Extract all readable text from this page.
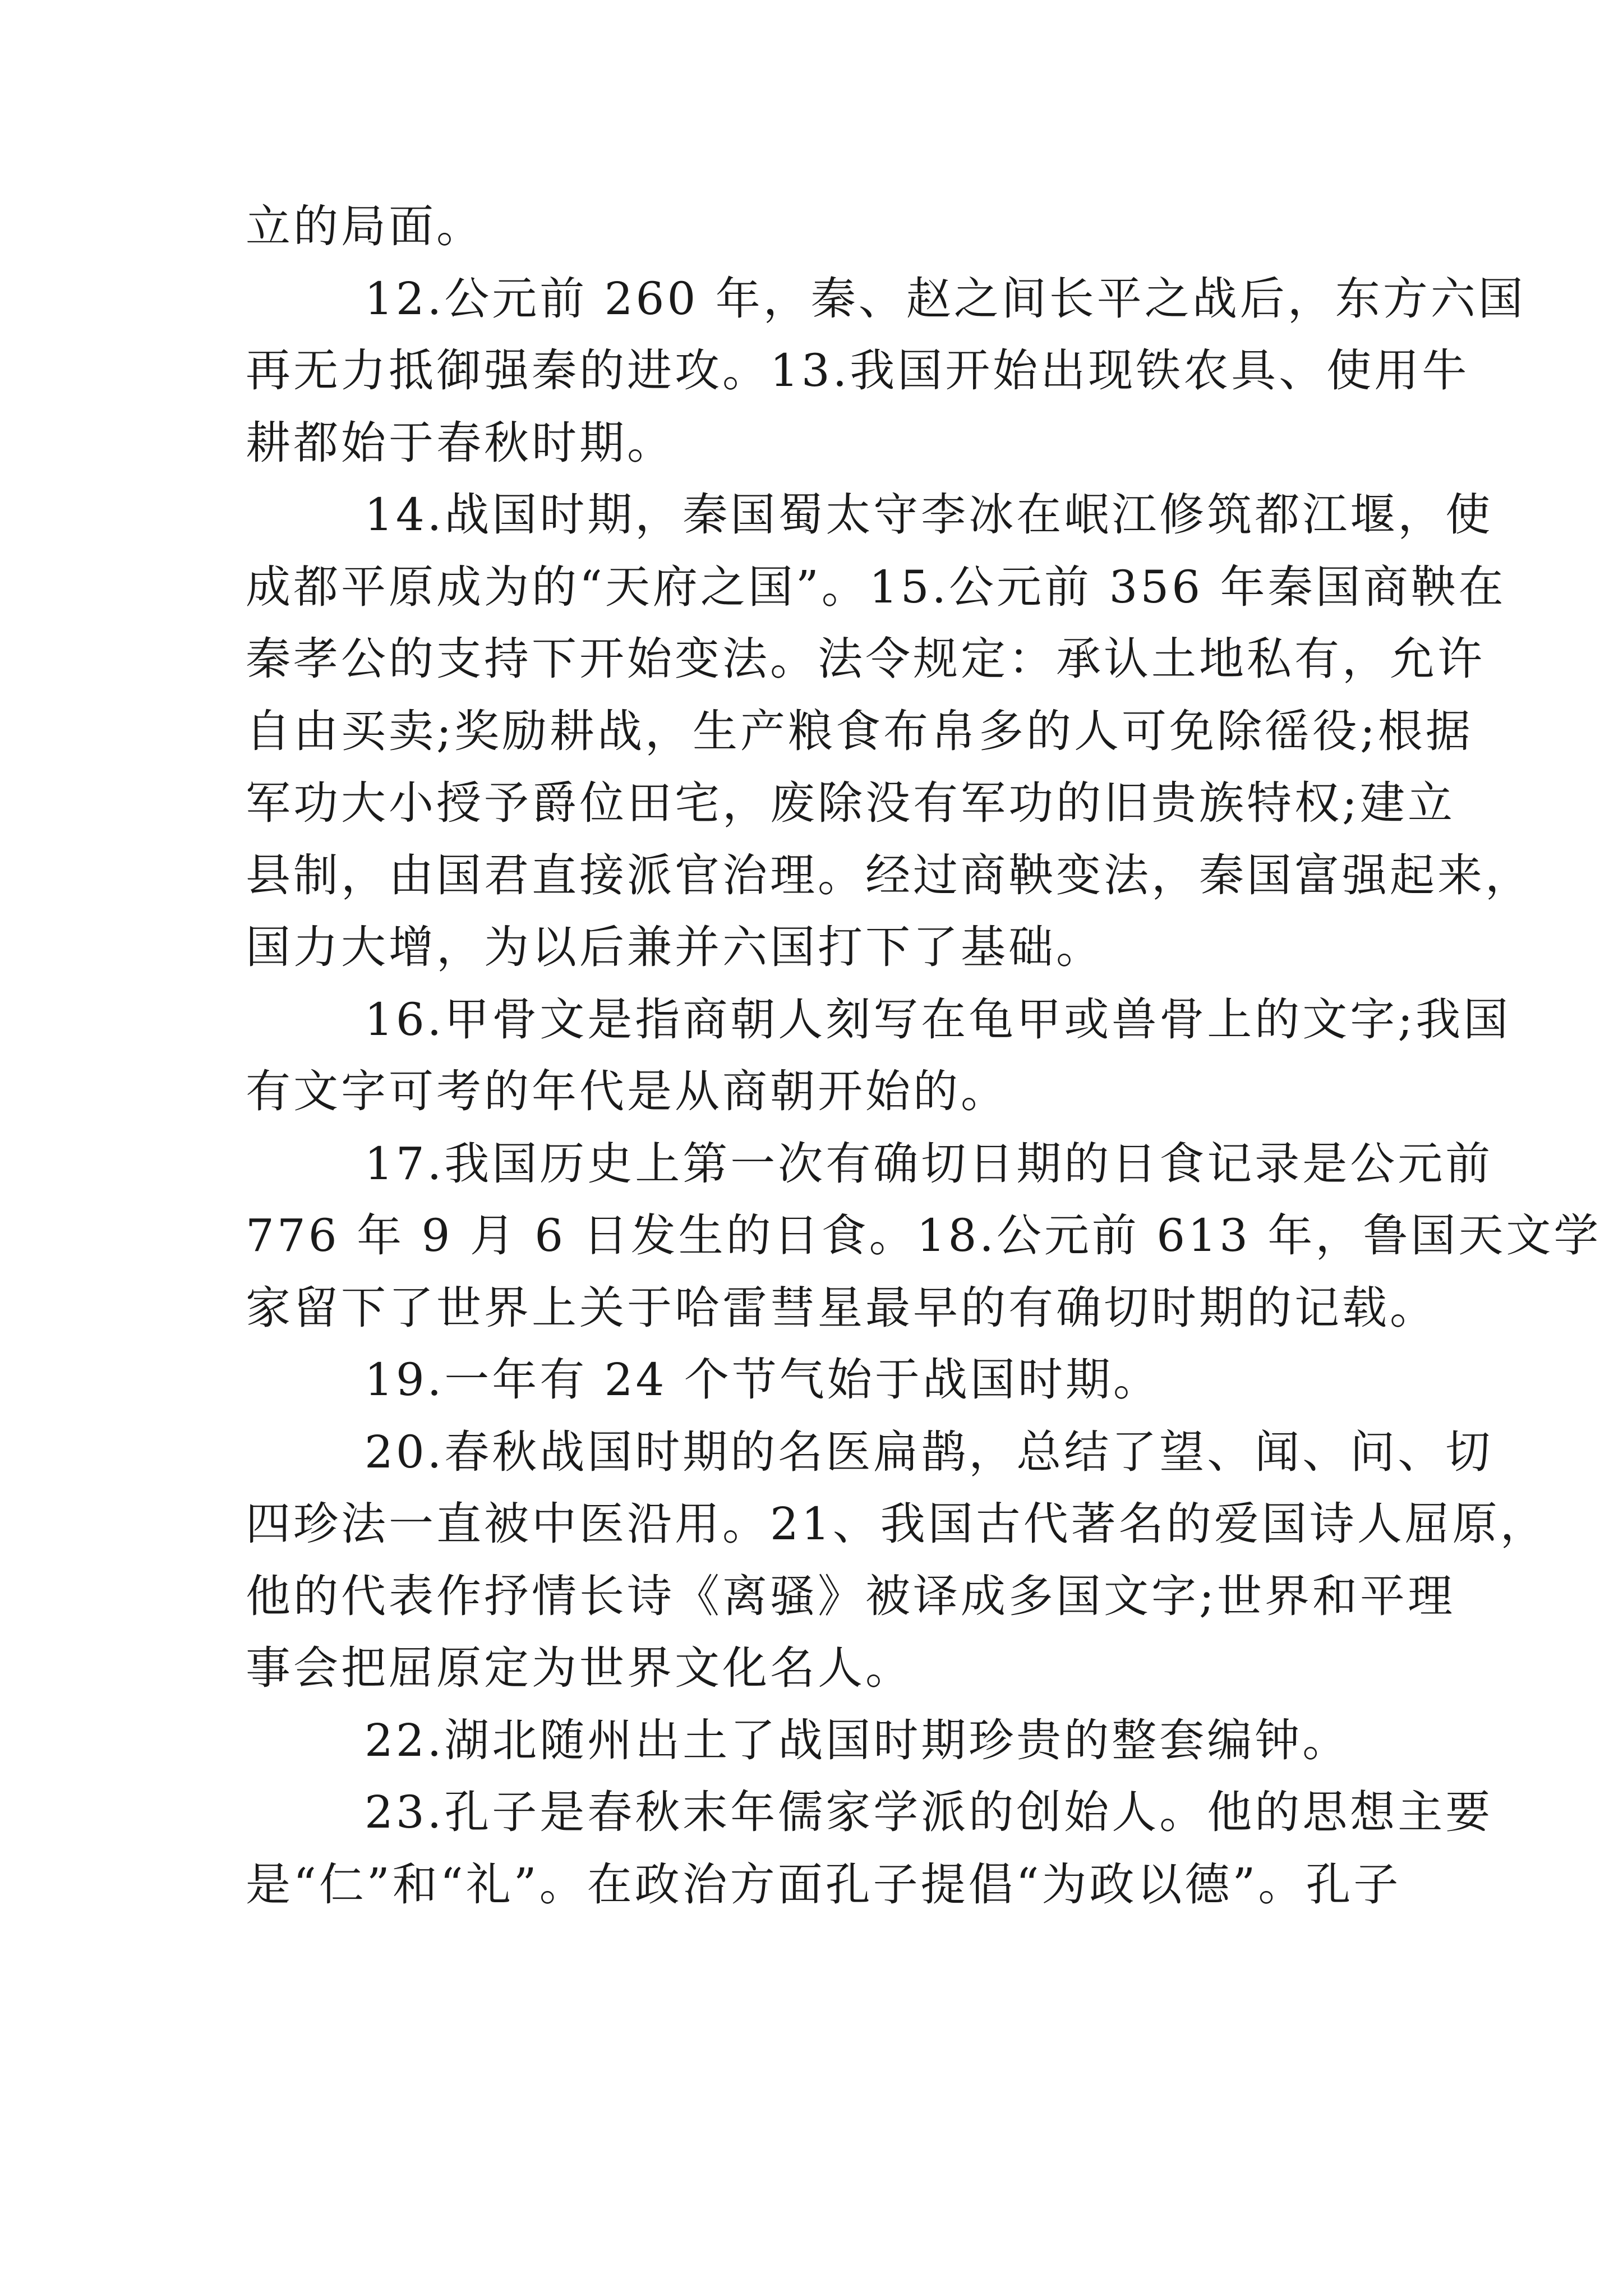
立的局面。
12.公元前 260 年，秦、赵之间长平之战后，东方六国
再无力抵御强秦的进攻。13.我国开始出现铁农具、使用牛
耕都始于春秋时期。
14.战国时期，秦国蜀太守李冰在岷江修筑都江堰，使
成都平原成为的“天府之国”。15.公元前 356 年秦国商鞅在
秦孝公的支持下开始变法。法令规定：承认土地私有，允许
自由买卖;奖励耕战，生产粮食布帛多的人可免除徭役;根据
军功大小授予爵位田宅，废除没有军功的旧贵族特权;建立
县制，由国君直接派官治理。经过商鞅变法，秦国富强起来，
国力大增，为以后兼并六国打下了基础。
16.甲骨文是指商朝人刻写在龟甲或兽骨上的文字;我国
有文字可考的年代是从商朝开始的。
17.我国历史上第一次有确切日期的日食记录是公元前
776 年 9 月 6 日发生的日食。18.公元前 613 年，鲁国天文学
家留下了世界上关于哈雷彗星最早的有确切时期的记载。
19.一年有 24 个节气始于战国时期。
20.春秋战国时期的名医扁鹊，总结了望、闻、问、切
四珍法一直被中医沿用。21、我国古代著名的爱国诗人屈原，
他的代表作抒情长诗《离骚》被译成多国文字;世界和平理
事会把屈原定为世界文化名人。
22.湖北随州出土了战国时期珍贵的整套编钟。
23.孔子是春秋末年儒家学派的创始人。他的思想主要
是“仁”和“礼”。在政治方面孔子提倡“为政以德”。孔子
